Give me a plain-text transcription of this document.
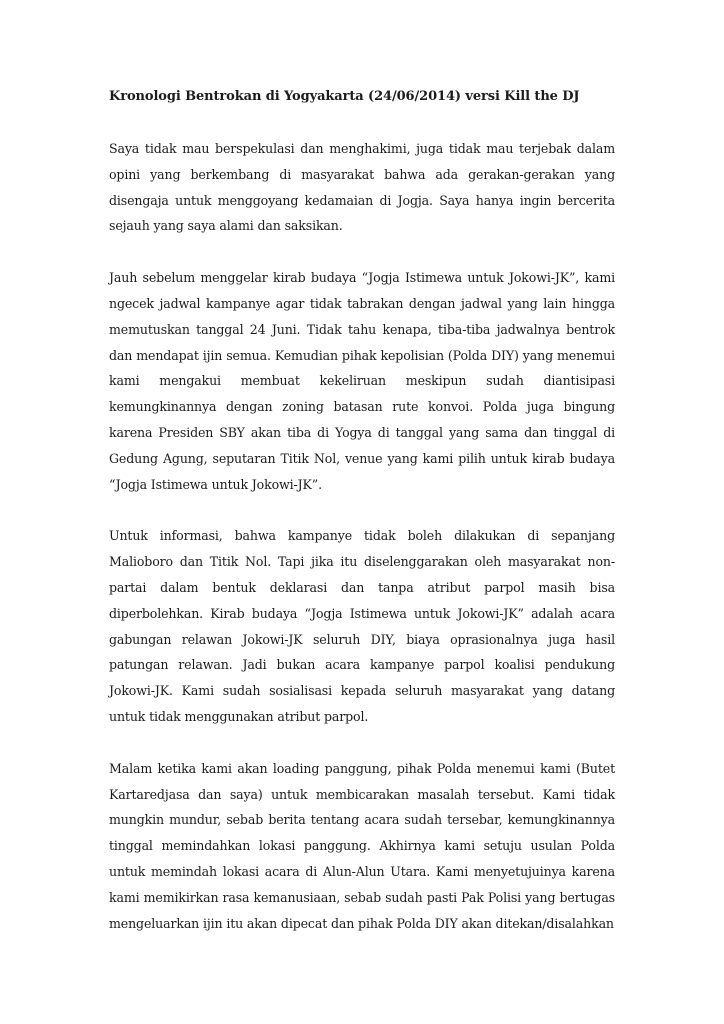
Kronologi Bentrokan di Yogyakarta (24/06/2014) versi Kill the DJ

Saya tidak mau berspekulasi dan menghakimi, juga tidak mau terjebak dalam opini yang berkembang di masyarakat bahwa ada gerakan-gerakan yang disengaja untuk menggoyang kedamaian di Jogja. Saya hanya ingin bercerita sejauh yang saya alami dan saksikan.

Jauh sebelum menggelar kirab budaya “Jogja Istimewa untuk Jokowi-JK”, kami ngecek jadwal kampanye agar tidak tabrakan dengan jadwal yang lain hingga memutuskan tanggal 24 Juni. Tidak tahu kenapa, tiba-tiba jadwalnya bentrok dan mendapat ijin semua. Kemudian pihak kepolisian (Polda DIY) yang menemui kami mengakui membuat kekeliruan meskipun sudah diantisipasi kemungkinannya dengan zoning batasan rute konvoi. Polda juga bingung karena Presiden SBY akan tiba di Yogya di tanggal yang sama dan tinggal di Gedung Agung, seputaran Titik Nol, venue yang kami pilih untuk kirab budaya “Jogja Istimewa untuk Jokowi-JK”.

Untuk informasi, bahwa kampanye tidak boleh dilakukan di sepanjang Malioboro dan Titik Nol. Tapi jika itu diselenggarakan oleh masyarakat non-partai dalam bentuk deklarasi dan tanpa atribut parpol masih bisa diperbolehkan. Kirab budaya “Jogja Istimewa untuk Jokowi-JK” adalah acara gabungan relawan Jokowi-JK seluruh DIY, biaya oprasionalnya juga hasil patungan relawan. Jadi bukan acara kampanye parpol koalisi pendukung Jokowi-JK. Kami sudah sosialisasi kepada seluruh masyarakat yang datang untuk tidak menggunakan atribut parpol.

Malam ketika kami akan loading panggung, pihak Polda menemui kami (Butet Kartaredjasa dan saya) untuk membicarakan masalah tersebut. Kami tidak mungkin mundur, sebab berita tentang acara sudah tersebar, kemungkinannya tinggal memindahkan lokasi panggung. Akhirnya kami setuju usulan Polda untuk memindah lokasi acara di Alun-Alun Utara. Kami menyetujuinya karena kami memikirkan rasa kemanusiaan, sebab sudah pasti Pak Polisi yang bertugas mengeluarkan ijin itu akan dipecat dan pihak Polda DIY akan ditekan/disalahkan
